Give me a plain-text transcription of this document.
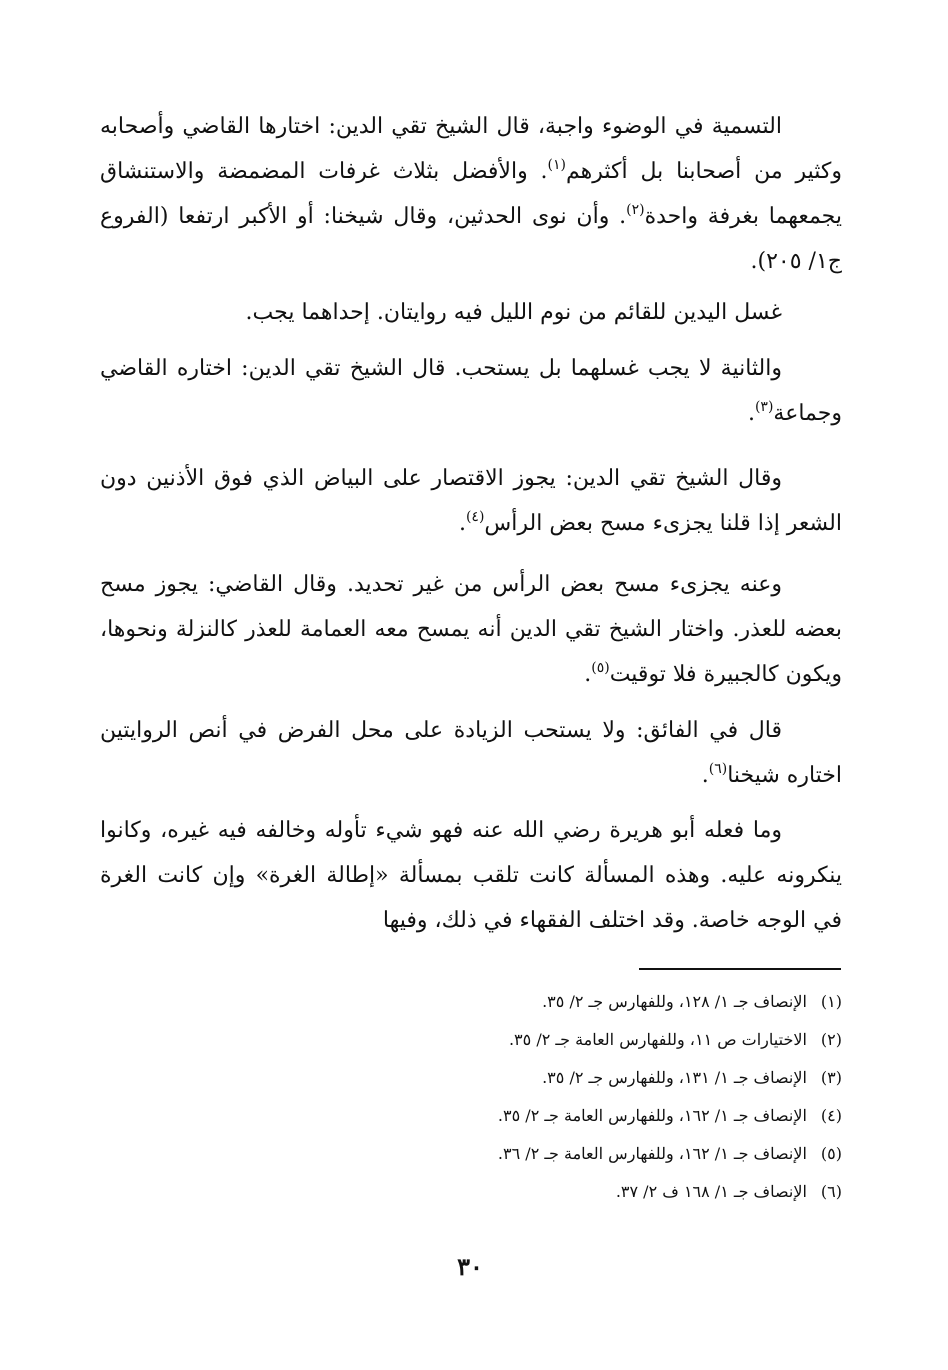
التسمية في الوضوء واجبة، قال الشيخ تقي الدين: اختارها القاضي وأصحابه وكثير من أصحابنا بل أكثرهم$^{(١)}$. والأفضل بثلاث غرفات المضمضة والاستنشاق يجمعهما بغرفة واحدة$^{(٢)}$. وأن نوى الحدثين، وقال شيخنا: أو الأكبر ارتفعا (الفروع ج١/ ٢٠٥).

غسل اليدين للقائم من نوم الليل فيه روايتان. إحداهما يجب.

والثانية لا يجب غسلهما بل يستحب. قال الشيخ تقي الدين: اختاره القاضي وجماعة$^{(٣)}$.

وقال الشيخ تقي الدين: يجوز الاقتصار على البياض الذي فوق الأذنين دون الشعر إذا قلنا يجزىء مسح بعض الرأس$^{(٤)}$.

وعنه يجزىء مسح بعض الرأس من غير تحديد. وقال القاضي: يجوز مسح بعضه للعذر. واختار الشيخ تقي الدين أنه يمسح معه العمامة للعذر كالنزلة ونحوها، ويكون كالجبيرة فلا توقيت$^{(٥)}$.

قال في الفائق: ولا يستحب الزيادة على محل الفرض في أنص الروايتين اختاره شيخنا$^{(٦)}$.

وما فعله أبو هريرة رضي الله عنه فهو شيء تأوله وخالفه فيه غيره، وكانوا ينكرونه عليه. وهذه المسألة كانت تلقب بمسألة «إطالة الغرة» وإن كانت الغرة في الوجه خاصة. وقد اختلف الفقهاء في ذلك، وفيها

(١)الإنصاف جـ ١/ ١٢٨، وللفهارس جـ ٢/ ٣٥.
(٢)الاختيارات ص ١١، وللفهارس العامة جـ ٢/ ٣٥.
(٣)الإنصاف جـ ١/ ١٣١، وللفهارس جـ ٢/ ٣٥.
(٤)الإنصاف جـ ١/ ١٦٢، وللفهارس العامة جـ ٢/ ٣٥.
(٥)الإنصاف جـ ١/ ١٦٢، وللفهارس العامة جـ ٢/ ٣٦.
(٦)الإنصاف جـ ١/ ١٦٨ ف ٢/ ٣٧.
٣٠
